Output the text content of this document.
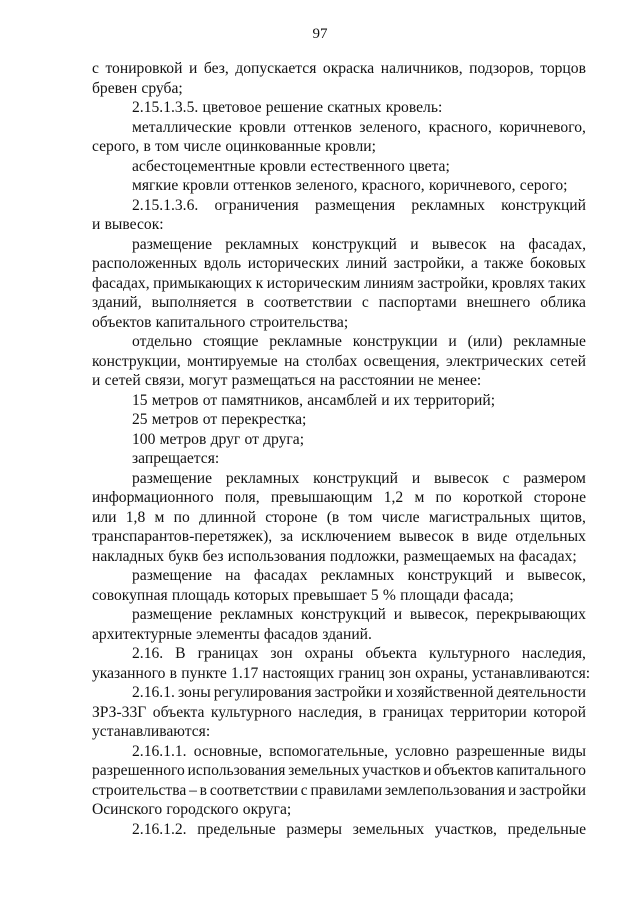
97
с тонировкой и без, допускается окраска наличников, подзоров, торцов
бревен сруба;
2.15.1.3.5. цветовое решение скатных кровель:
металлические кровли оттенков зеленого, красного, коричневого,
серого, в том числе оцинкованные кровли;
асбестоцементные кровли естественного цвета;
мягкие кровли оттенков зеленого, красного, коричневого, серого;
2.15.1.3.6. ограничения размещения рекламных конструкций
и вывесок:
размещение рекламных конструкций и вывесок на фасадах,
расположенных вдоль исторических линий застройки, а также боковых
фасадах, примыкающих к историческим линиям застройки, кровлях таких
зданий, выполняется в соответствии с паспортами внешнего облика
объектов капитального строительства;
отдельно стоящие рекламные конструкции и (или) рекламные
конструкции, монтируемые на столбах освещения, электрических сетей
и сетей связи, могут размещаться на расстоянии не менее:
15 метров от памятников, ансамблей и их территорий;
25 метров от перекрестка;
100 метров друг от друга;
запрещается:
размещение рекламных конструкций и вывесок с размером
информационного поля, превышающим 1,2 м по короткой стороне
или 1,8 м по длинной стороне (в том числе магистральных щитов,
транспарантов-перетяжек), за исключением вывесок в виде отдельных
накладных букв без использования подложки, размещаемых на фасадах;
размещение на фасадах рекламных конструкций и вывесок,
совокупная площадь которых превышает 5 % площади фасада;
размещение рекламных конструкций и вывесок, перекрывающих
архитектурные элементы фасадов зданий.
2.16. В границах зон охраны объекта культурного наследия,
указанного в пункте 1.17 настоящих границ зон охраны, устанавливаются:
2.16.1. зоны регулирования застройки и хозяйственной деятельности
ЗРЗ-33Г объекта культурного наследия, в границах территории которой
устанавливаются:
2.16.1.1. основные, вспомогательные, условно разрешенные виды
разрешенного использования земельных участков и объектов капитального
строительства – в соответствии с правилами землепользования и застройки
Осинского городского округа;
2.16.1.2. предельные размеры земельных участков, предельные
